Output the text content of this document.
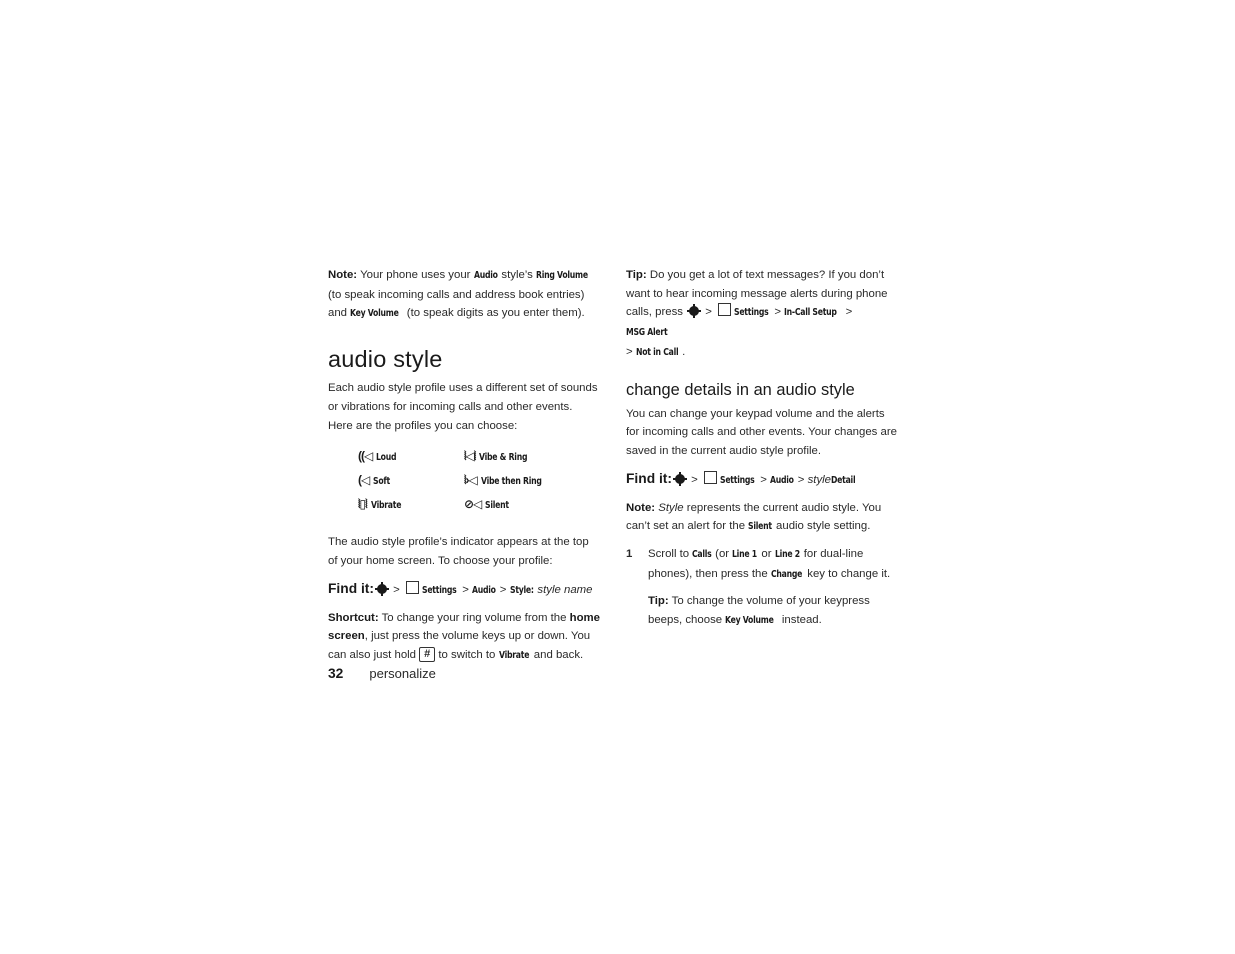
Note: Your phone uses your Audio style’s Ring Volume (to speak incoming calls and address book entries) and Key Volume (to speak digits as you enter them).

audio style

Each audio style profile uses a different set of sounds or vibrations for incoming calls and other events. Here are the profiles you can choose:

((◁ Loud	⦚◁⦚ Vibe & Ring
(◁ Soft	⦚›◁ Vibe then Ring
⦚▯⦚ Vibrate	⊘◁ Silent

The audio style profile’s indicator appears at the top of your home screen. To choose your profile:

Find it: > Settings > Audio > Style: style name

Shortcut: To change your ring volume from the home screen, just press the volume keys up or down. You can also just hold # to switch to Vibrate and back.

Tip: Do you get a lot of text messages? If you don’t want to hear incoming message alerts during phone calls, press  > Settings > In-Call Setup > MSG Alert
> Not in Call .

change details in an audio style

You can change your keypad volume and the alerts for incoming calls and other events. Your changes are saved in the current audio style profile.

Find it: > Settings > Audio > styleDetail

Note: Style represents the current audio style. You can’t set an alert for the Silent audio style setting.

1 Scroll to Calls (or Line 1 or Line 2 for dual-line phones), then press the Change key to change it.

Tip: To change the volume of your keypress beeps, choose Key Volume instead.

32 personalize
